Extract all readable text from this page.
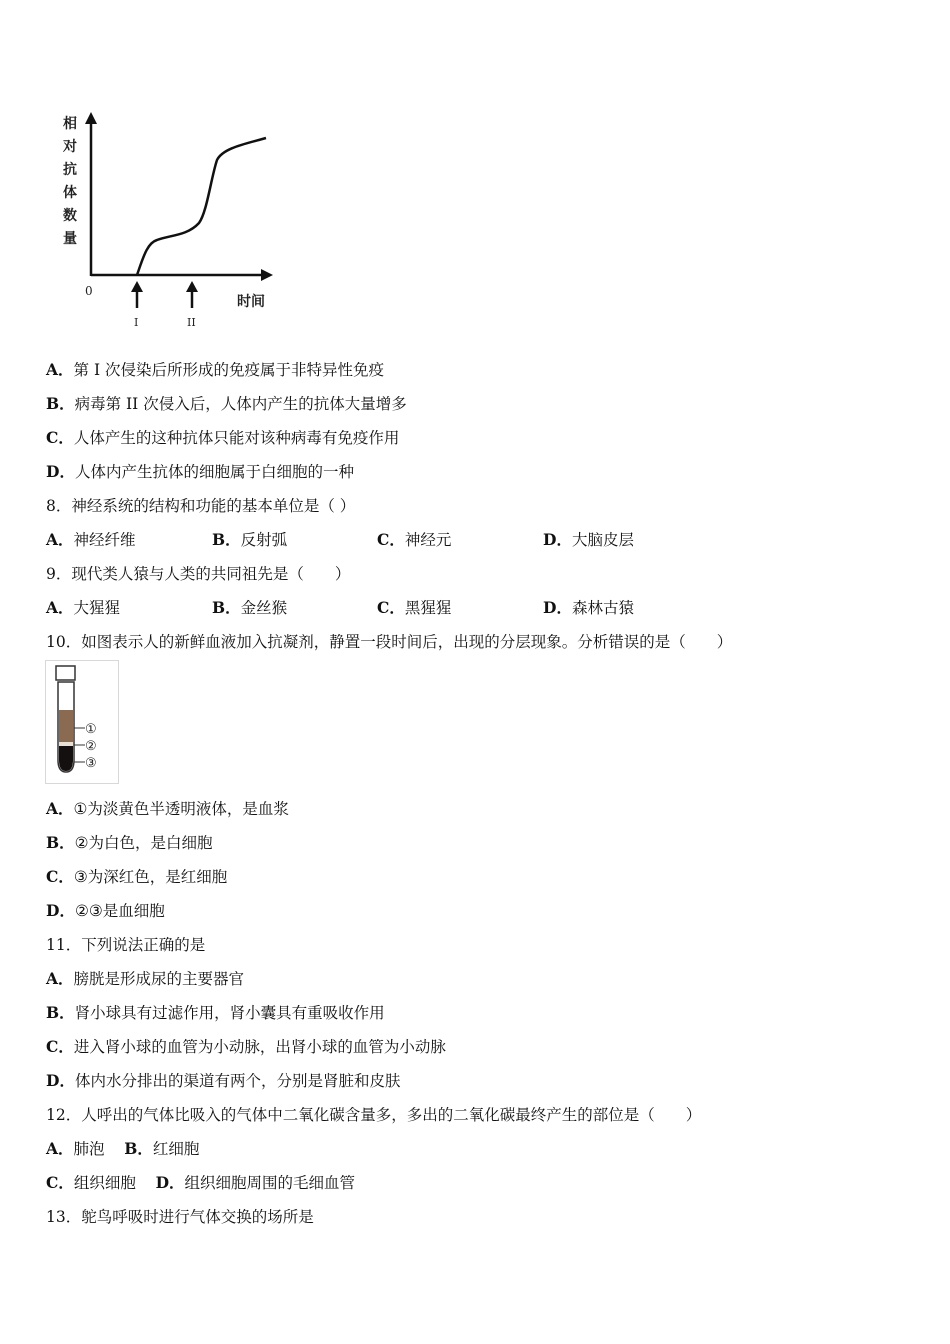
相对抗体数量
0
时间
I	II
A．第 I 次侵染后所形成的免疫属于非特异性免疫
B．病毒第 II 次侵入后，人体内产生的抗体大量增多
C．人体产生的这种抗体只能对该种病毒有免疫作用
D．人体内产生抗体的细胞属于白细胞的一种
8．神经系统的结构和功能的基本单位是（ ）
A．神经纤维	B．反射弧	C．神经元	D．大脑皮层
9．现代类人猿与人类的共同祖先是（　　）
A．大猩猩	B．金丝猴	C．黑猩猩	D．森林古猿
10．如图表示人的新鲜血液加入抗凝剂，静置一段时间后，出现的分层现象。分析错误的是（　　）
①
②
③
A．①为淡黄色半透明液体，是血浆
B．②为白色，是白细胞
C．③为深红色，是红细胞
D．②③是血细胞
11．下列说法正确的是
A．膀胱是形成尿的主要器官
B．肾小球具有过滤作用，肾小囊具有重吸收作用
C．进入肾小球的血管为小动脉，出肾小球的血管为小动脉
D．体内水分排出的渠道有两个，分别是肾脏和皮肤
12．人呼出的气体比吸入的气体中二氧化碳含量多，多出的二氧化碳最终产生的部位是（　　）
A．肺泡 B．红细胞
C．组织细胞 D．组织细胞周围的毛细血管
13．鸵鸟呼吸时进行气体交换的场所是
